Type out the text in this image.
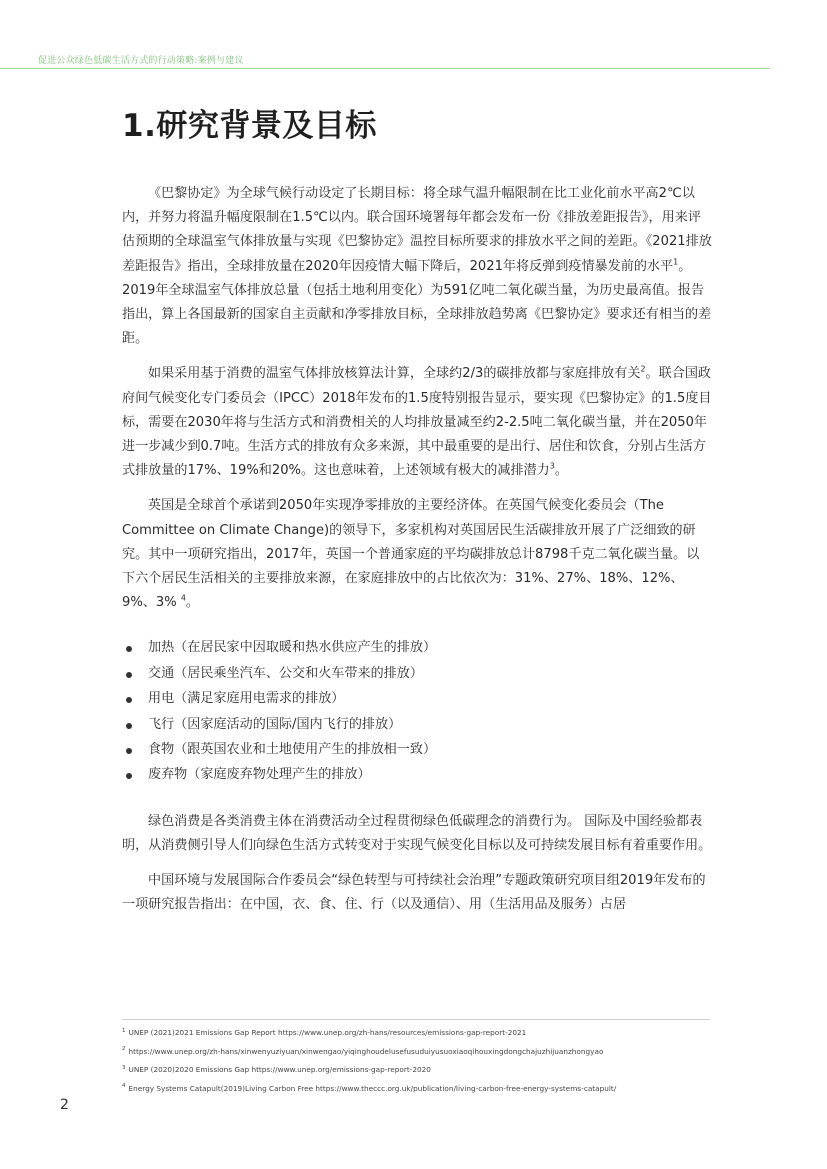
促进公众绿色低碳生活方式的行动策略:案例与建议
1.研究背景及目标

《巴黎协定》为全球气候行动设定了长期目标：将全球气温升幅限制在比工业化前水平高2℃以内，并努力将温升幅度限制在1.5℃以内。联合国环境署每年都会发布一份《排放差距报告》，用来评估预期的全球温室气体排放量与实现《巴黎协定》温控目标所要求的排放水平之间的差距。《2021排放差距报告》指出，全球排放量在2020年因疫情大幅下降后，2021年将反弹到疫情暴发前的水平$^1$。2019年全球温室气体排放总量（包括土地利用变化）为591亿吨二氧化碳当量，为历史最高值。报告指出，算上各国最新的国家自主贡献和净零排放目标，全球排放趋势离《巴黎协定》要求还有相当的差距。

如果采用基于消费的温室气体排放核算法计算，全球约2/3的碳排放都与家庭排放有关$^2$。联合国政府间气候变化专门委员会（IPCC）2018年发布的1.5度特别报告显示，要实现《巴黎协定》的1.5度目标，需要在2030年将与生活方式和消费相关的人均排放量减至约2-2.5吨二氧化碳当量，并在2050年进一步减少到0.7吨。生活方式的排放有众多来源，其中最重要的是出行、居住和饮食，分别占生活方式排放量的17%、19%和20%。这也意味着，上述领域有极大的减排潜力$^3$。

英国是全球首个承诺到2050年实现净零排放的主要经济体。在英国气候变化委员会（The Committee on Climate Change)的领导下，多家机构对英国居民生活碳排放开展了广泛细致的研究。其中一项研究指出，2017年，英国一个普通家庭的平均碳排放总计8798千克二氧化碳当量。以下六个居民生活相关的主要排放来源，在家庭排放中的占比依次为：31%、27%、18%、12%、9%、3% $^4$。

加热（在居民家中因取暖和热水供应产生的排放）
交通（居民乘坐汽车、公交和火车带来的排放）
用电（满足家庭用电需求的排放）
飞行（因家庭活动的国际/国内飞行的排放）
食物（跟英国农业和土地使用产生的排放相一致）
废弃物（家庭废弃物处理产生的排放）

绿色消费是各类消费主体在消费活动全过程贯彻绿色低碳理念的消费行为。 国际及中国经验都表明，从消费侧引导人们向绿色生活方式转变对于实现气候变化目标以及可持续发展目标有着重要作用。

中国环境与发展国际合作委员会“绿色转型与可持续社会治理”专题政策研究项目组2019年发布的一项研究报告指出：在中国，衣、食、住、行（以及通信）、用（生活用品及服务）占居

$^1$ UNEP (2021)2021 Emissions Gap Report https://www.unep.org/zh-hans/resources/emissions-gap-report-2021
$^2$ https://www.unep.org/zh-hans/xinwenyuziyuan/xinwengao/yiqinghoudelusefusuduiyusuoxiaoqihouxingdongchajuzhijuanzhongyao
$^3$ UNEP (2020)2020 Emissions Gap https://www.unep.org/emissions-gap-report-2020
$^4$ Energy Systems Catapult(2019)Living Carbon Free https://www.theccc.org.uk/publication/living-carbon-free-energy-systems-catapult/
2
